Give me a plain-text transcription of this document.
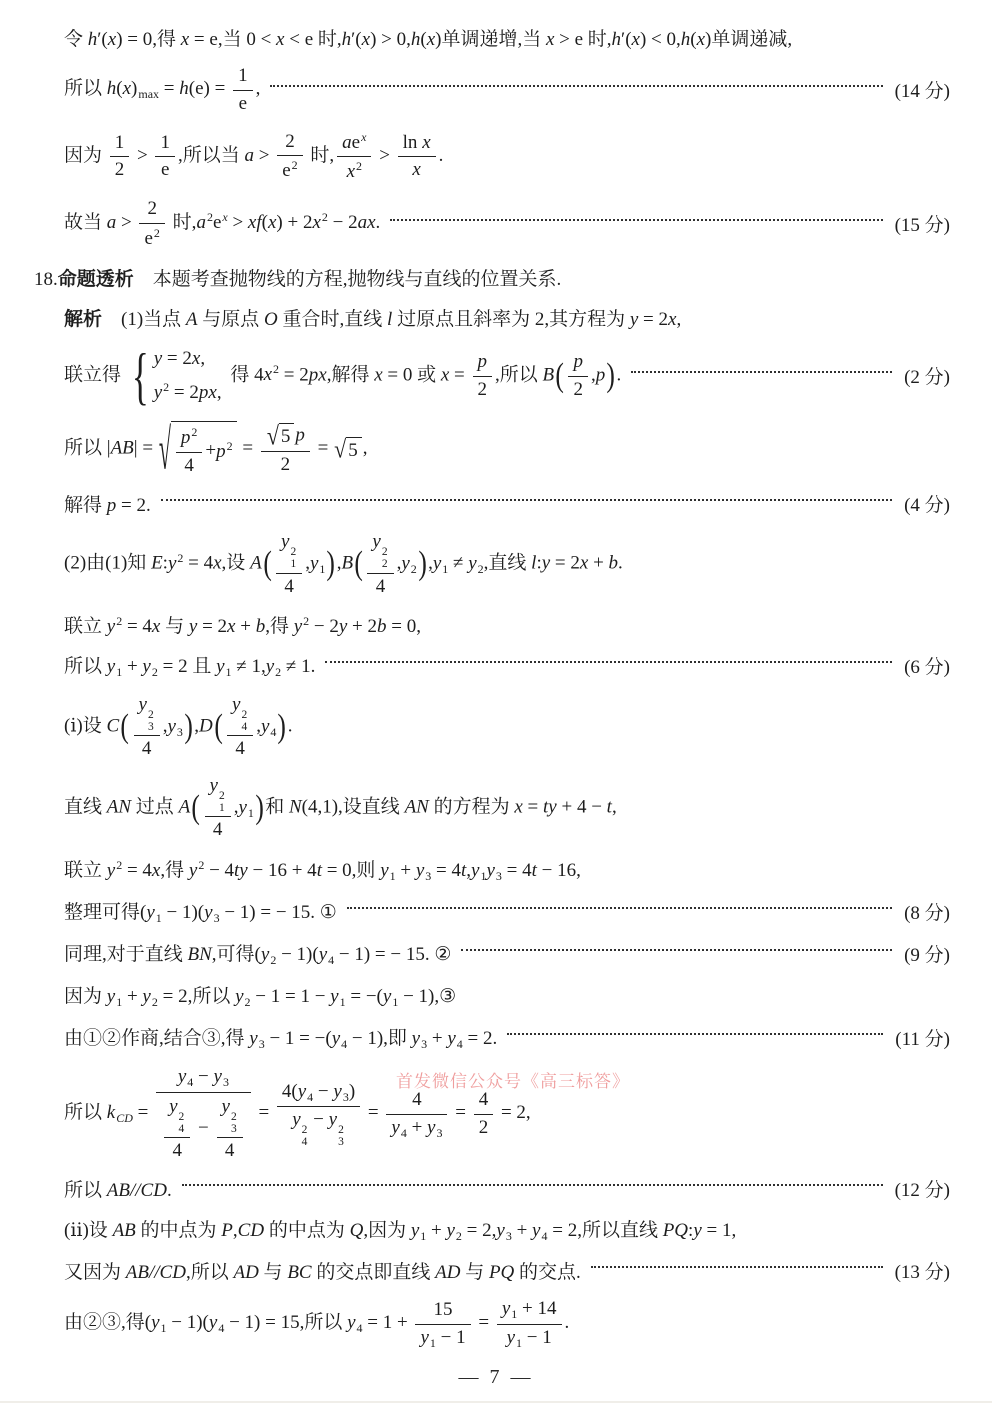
令 h′(x) = 0,得 x = e,当 0 < x < e 时,h′(x) > 0,h(x)单调递增,当 x > e 时,h′(x) < 0,h(x)单调递减,
所以 $h(x)_{max} = h(e) = \frac{1}{e}$ ,	(14 分)
因为 $\frac{1}{2} > \frac{1}{e}$ ,所以当 $a > \frac{2}{e^2}$ 时, $\frac{ae^x}{x^2} > \frac{\text{ln x}}{x}$ .
故当 $a > \frac{2}{e^2}$ 时$,a^2e^x > xf(x) + 2x^2 - 2ax$.	(15 分)
18.命题透析　本题考查抛物线的方程,抛物线与直线的位置关系.
解析　(1)当点 A 与原点 O 重合时,直线 l 过原点且斜率为 2,其方程为 y = 2x,
联立得 { y = 2x,
$y^2 = 2px$,
得 $4x^2 = 2px$,解得 x = 0 或 $x = \frac{p}{2}$ ,所以 $B( \frac{p}{2} ,p)$.	(2 分)
所以 |AB| = √ $\frac{p^2}{4} + p^2 = \frac{√ 5 p}{2}$ = √ 5 ,
解得 p = 2.	(4 分)
(2)由(1)知 $E:y^2 = 4x$,设 A( y 2
1
4 $,y_1),B$( y 2
2
4 $,y_2),y_1 \ne y_2$,直线 l:y = 2x + b.
联立 $y^2 = 4x$ 与 y = 2x + b,得 $y^2 - 2y + 2b = 0$,
所以 $y_1 + y_2 = 2$ 且 $y_1 \ne 1,y_2 \ne 1$.	(6 分)
(ⅰ)设 C( y 2
3
4 $,y_3),D$( y 2
4
4 $,y_4$).
直线 AN 过点 A( y 2
1
4 $,y_1$)和 N(4,1),设直线 AN 的方程为 x = ty + 4 − t,
联立 $y^2 = 4x$,得 $y^2 - 4ty - 16 + 4t = 0$,则 $y_1 + y_3 = 4t,y_1y_3 = 4t - 16$,
整理可得$(y_1 - 1)(y_3 - 1)$ = − 15. ①	(8 分)
同理,对于直线 BN,可得$(y_2 - 1)(y_4 - 1)$ = − 15. ②	(9 分)
因为 $y_1 + y_2 = 2$,所以 $y_2 - 1 = 1 - y_1 = -(y_1$ − 1),③
由①②作商,结合③,得 $y_3 - 1 = -(y_4 - 1)$,即 $y_3 + y_4 = 2$.	(11 分)
所以 $k_{CD} = y_4 - y_3$
y 2
4
4 − y 2
3
$4 = 4(y_4 - y_3)$
y 2
4
− y 2
$3 = \frac{4}{y_4 + y_3} = \frac{4}{2} = 2$,
首发微信公众号《高三标答》
所以 AB//CD.	(12 分)
(ⅱ)设 AB 的中点为 P,CD 的中点为 Q,因为 $y_1 + y_2 = 2,y_3 + y_4 = 2$,所以直线 PQ:y = 1,
又因为 AB//CD,所以 AD 与 BC 的交点即直线 AD 与 PQ 的交点.	(13 分)
由②③,得$(y_1 - 1)(y_4 - 1) = 15$,所以 $y_4 = 1 + \frac{15}{y_1 - 1} = \frac{y_1 + 14}{y_1 - 1}$ .
— 7 —
